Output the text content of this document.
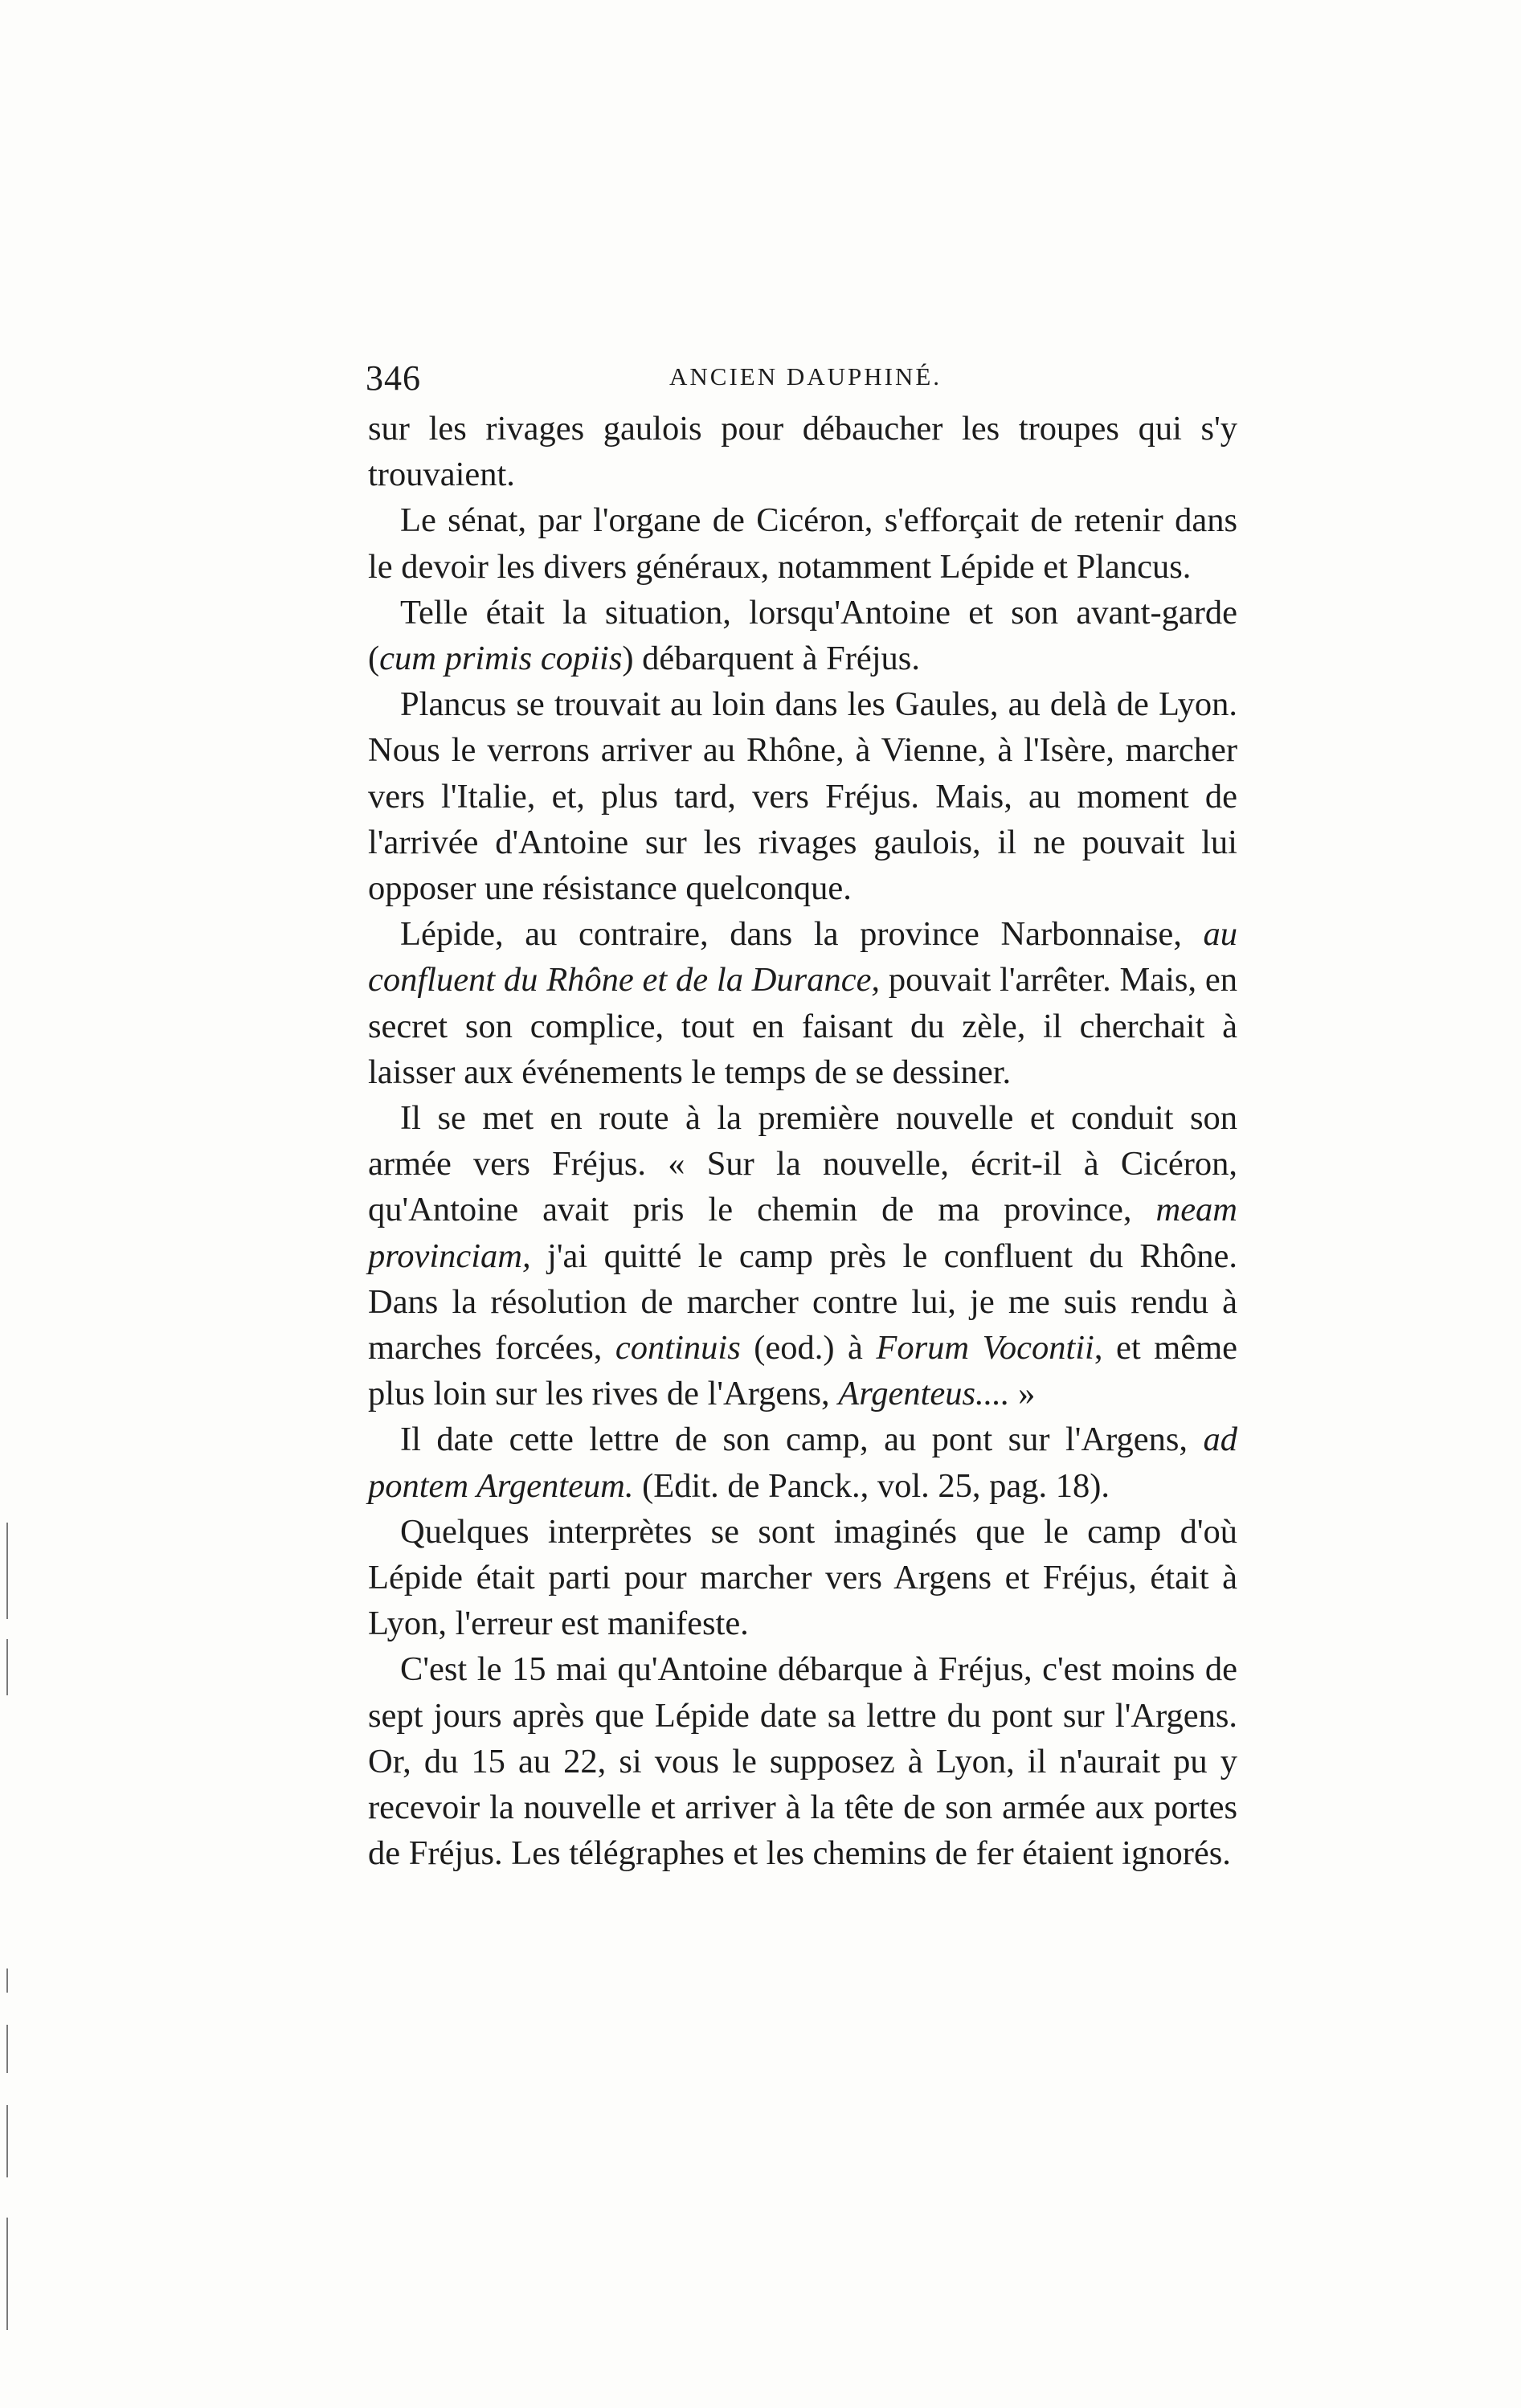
346	ANCIEN DAUPHINÉ.

sur les rivages gaulois pour débaucher les troupes qui s'y trouvaient.

Le sénat, par l'organe de Cicéron, s'efforçait de retenir dans le devoir les divers généraux, notamment Lépide et Plancus.

Telle était la situation, lorsqu'Antoine et son avant-garde (cum primis copiis) débarquent à Fréjus.

Plancus se trouvait au loin dans les Gaules, au delà de Lyon. Nous le verrons arriver au Rhône, à Vienne, à l'Isère, marcher vers l'Italie, et, plus tard, vers Fréjus. Mais, au moment de l'arrivée d'Antoine sur les rivages gaulois, il ne pouvait lui opposer une résistance quelconque.

Lépide, au contraire, dans la province Narbonnaise, au confluent du Rhône et de la Durance, pouvait l'arrêter. Mais, en secret son complice, tout en faisant du zèle, il cherchait à laisser aux événements le temps de se dessiner.

Il se met en route à la première nouvelle et conduit son armée vers Fréjus. « Sur la nouvelle, écrit-il à Cicéron, qu'Antoine avait pris le chemin de ma province, meam provinciam, j'ai quitté le camp près le confluent du Rhône. Dans la résolution de marcher contre lui, je me suis rendu à marches forcées, continuis (eod.) à Forum Vocontii, et même plus loin sur les rives de l'Argens, Argenteus.... »

Il date cette lettre de son camp, au pont sur l'Argens, ad pontem Argenteum. (Edit. de Panck., vol. 25, pag. 18).

Quelques interprètes se sont imaginés que le camp d'où Lépide était parti pour marcher vers Argens et Fréjus, était à Lyon, l'erreur est manifeste.

C'est le 15 mai qu'Antoine débarque à Fréjus, c'est moins de sept jours après que Lépide date sa lettre du pont sur l'Argens. Or, du 15 au 22, si vous le supposez à Lyon, il n'aurait pu y recevoir la nouvelle et arriver à la tête de son armée aux portes de Fréjus. Les télégraphes et les chemins de fer étaient ignorés.
